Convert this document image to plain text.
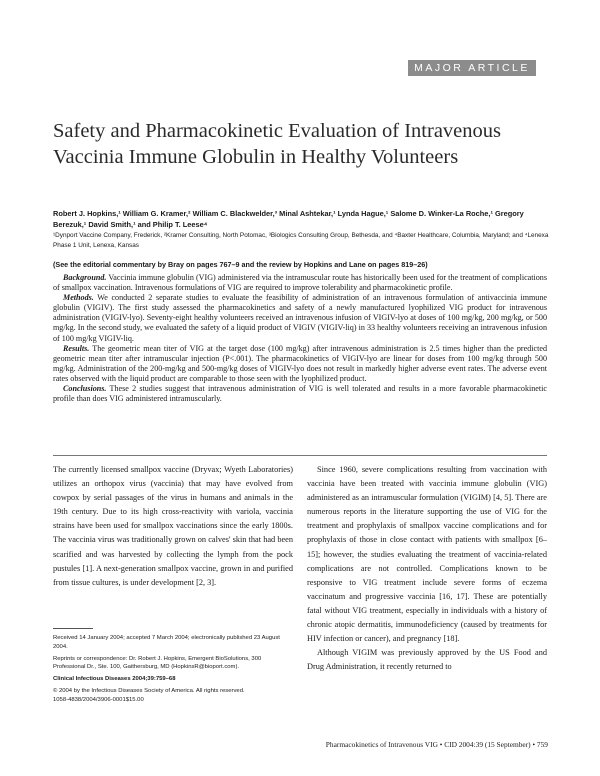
MAJOR ARTICLE
Safety and Pharmacokinetic Evaluation of Intravenous Vaccinia Immune Globulin in Healthy Volunteers
Robert J. Hopkins,¹ William G. Kramer,² William C. Blackwelder,³ Minal Ashtekar,¹ Lynda Hague,¹ Salome D. Winker-La Roche,¹ Gregory Berezuk,¹ David Smith,¹ and Philip T. Leese⁴
¹Dynport Vaccine Company, Frederick, ²Kramer Consulting, North Potomac, ³Biologics Consulting Group, Bethesda, and ⁴Baxter Healthcare, Columbia, Maryland; and ⁴Lenexa Phase 1 Unit, Lenexa, Kansas
(See the editorial commentary by Bray on pages 767–9 and the review by Hopkins and Lane on pages 819–26)

Background. Vaccinia immune globulin (VIG) administered via the intramuscular route has historically been used for the treatment of complications of smallpox vaccination. Intravenous formulations of VIG are required to improve tolerability and pharmacokinetic profile.

Methods. We conducted 2 separate studies to evaluate the feasibility of administration of an intravenous formulation of antivaccinia immune globulin (VIGIV). The first study assessed the pharmacokinetics and safety of a newly manufactured lyophilized VIG product for intravenous administration (VIGIV-lyo). Seventy-eight healthy volunteers received an intravenous infusion of VIGIV-lyo at doses of 100 mg/kg, 200 mg/kg, or 500 mg/kg. In the second study, we evaluated the safety of a liquid product of VIGIV (VIGIV-liq) in 33 healthy volunteers receiving an intravenous infusion of 100 mg/kg VIGIV-liq.

Results. The geometric mean titer of VIG at the target dose (100 mg/kg) after intravenous administration is 2.5 times higher than the predicted geometric mean titer after intramuscular injection (P<.001). The pharmacokinetics of VIGIV-lyo are linear for doses from 100 mg/kg through 500 mg/kg. Administration of the 200-mg/kg and 500-mg/kg doses of VIGIV-lyo does not result in markedly higher adverse event rates. The adverse event rates observed with the liquid product are comparable to those seen with the lyophilized product.

Conclusions. These 2 studies suggest that intravenous administration of VIG is well tolerated and results in a more favorable pharmacokinetic profile than does VIG administered intramuscularly.

The currently licensed smallpox vaccine (Dryvax; Wyeth Laboratories) utilizes an orthopox virus (vaccinia) that may have evolved from cowpox by serial passages of the virus in humans and animals in the 19th century. Due to its high cross-reactivity with variola, vaccinia strains have been used for smallpox vaccinations since the early 1800s. The vaccinia virus was traditionally grown on calves' skin that had been scarified and was harvested by collecting the lymph from the pock pustules [1]. A next-generation smallpox vaccine, grown in and purified from tissue cultures, is under development [2, 3].

Since 1960, severe complications resulting from vaccination with vaccinia have been treated with vaccinia immune globulin (VIG) administered as an intramuscular formulation (VIGIM) [4, 5]. There are numerous reports in the literature supporting the use of VIG for the treatment and prophylaxis of smallpox vaccine complications and for prophylaxis of those in close contact with patients with smallpox [6–15]; however, the studies evaluating the treatment of vaccinia-related complications are not controlled. Complications known to be responsive to VIG treatment include severe forms of eczema vaccinatum and progressive vaccinia [16, 17]. These are potentially fatal without VIG treatment, especially in individuals with a history of chronic atopic dermatitis, immunodeficiency (caused by treatments for HIV infection or cancer), and pregnancy [18].

Although VIGIM was previously approved by the US Food and Drug Administration, it recently returned to

Received 14 January 2004; accepted 7 March 2004; electronically published 23 August 2004.

Reprints or correspondence: Dr. Robert J. Hopkins, Emergent BioSolutions, 300 Professional Dr., Ste. 100, Gaithersburg, MD (HopkinsR@bioport.com).

Clinical Infectious Diseases 2004;39:759–68

© 2004 by the Infectious Diseases Society of America. All rights reserved.
1058-4838/2004/3906-0001$15.00

Pharmacokinetics of Intravenous VIG • CID 2004:39 (15 September) • 759
